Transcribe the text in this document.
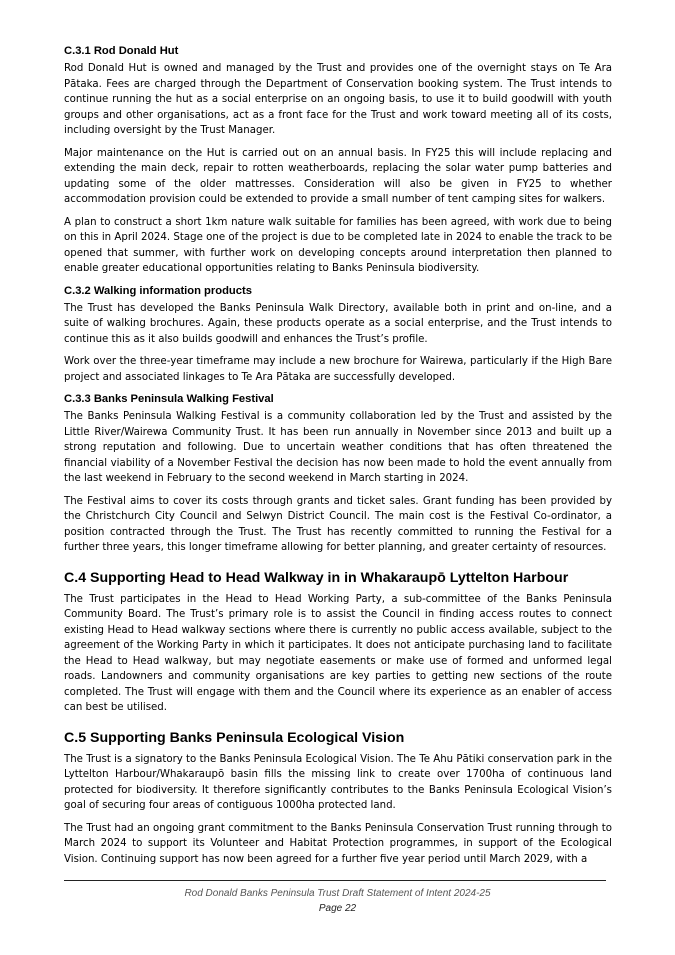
C.3.1 Rod Donald Hut

Rod Donald Hut is owned and managed by the Trust and provides one of the overnight stays on Te Ara Pātaka. Fees are charged through the Department of Conservation booking system. The Trust intends to continue running the hut as a social enterprise on an ongoing basis, to use it to build goodwill with youth groups and other organisations, act as a front face for the Trust and work toward meeting all of its costs, including oversight by the Trust Manager.

Major maintenance on the Hut is carried out on an annual basis. In FY25 this will include replacing and extending the main deck, repair to rotten weatherboards, replacing the solar water pump batteries and updating some of the older mattresses. Consideration will also be given in FY25 to whether accommodation provision could be extended to provide a small number of tent camping sites for walkers.

A plan to construct a short 1km nature walk suitable for families has been agreed, with work due to being on this in April 2024. Stage one of the project is due to be completed late in 2024 to enable the track to be opened that summer, with further work on developing concepts around interpretation then planned to enable greater educational opportunities relating to Banks Peninsula biodiversity.

C.3.2 Walking information products

The Trust has developed the Banks Peninsula Walk Directory, available both in print and on-line, and a suite of walking brochures. Again, these products operate as a social enterprise, and the Trust intends to continue this as it also builds goodwill and enhances the Trust’s profile.

Work over the three-year timeframe may include a new brochure for Wairewa, particularly if the High Bare project and associated linkages to Te Ara Pātaka are successfully developed.

C.3.3 Banks Peninsula Walking Festival

The Banks Peninsula Walking Festival is a community collaboration led by the Trust and assisted by the Little River/Wairewa Community Trust. It has been run annually in November since 2013 and built up a strong reputation and following. Due to uncertain weather conditions that has often threatened the financial viability of a November Festival the decision has now been made to hold the event annually from the last weekend in February to the second weekend in March starting in 2024.

The Festival aims to cover its costs through grants and ticket sales. Grant funding has been provided by the Christchurch City Council and Selwyn District Council. The main cost is the Festival Co-ordinator, a position contracted through the Trust. The Trust has recently committed to running the Festival for a further three years, this longer timeframe allowing for better planning, and greater certainty of resources.

C.4 Supporting Head to Head Walkway in in Whakaraupō Lyttelton Harbour

The Trust participates in the Head to Head Working Party, a sub-committee of the Banks Peninsula Community Board. The Trust’s primary role is to assist the Council in finding access routes to connect existing Head to Head walkway sections where there is currently no public access available, subject to the agreement of the Working Party in which it participates. It does not anticipate purchasing land to facilitate the Head to Head walkway, but may negotiate easements or make use of formed and unformed legal roads. Landowners and community organisations are key parties to getting new sections of the route completed. The Trust will engage with them and the Council where its experience as an enabler of access can best be utilised.

C.5 Supporting Banks Peninsula Ecological Vision

The Trust is a signatory to the Banks Peninsula Ecological Vision. The Te Ahu Pātiki conservation park in the Lyttelton Harbour/Whakaraupō basin fills the missing link to create over 1700ha of continuous land protected for biodiversity. It therefore significantly contributes to the Banks Peninsula Ecological Vision’s goal of securing four areas of contiguous 1000ha protected land.

The Trust had an ongoing grant commitment to the Banks Peninsula Conservation Trust running through to March 2024 to support its Volunteer and Habitat Protection programmes, in support of the Ecological Vision. Continuing support has now been agreed for a further five year period until March 2029, with a

Rod Donald Banks Peninsula Trust Draft Statement of Intent 2024-25
Page 22
